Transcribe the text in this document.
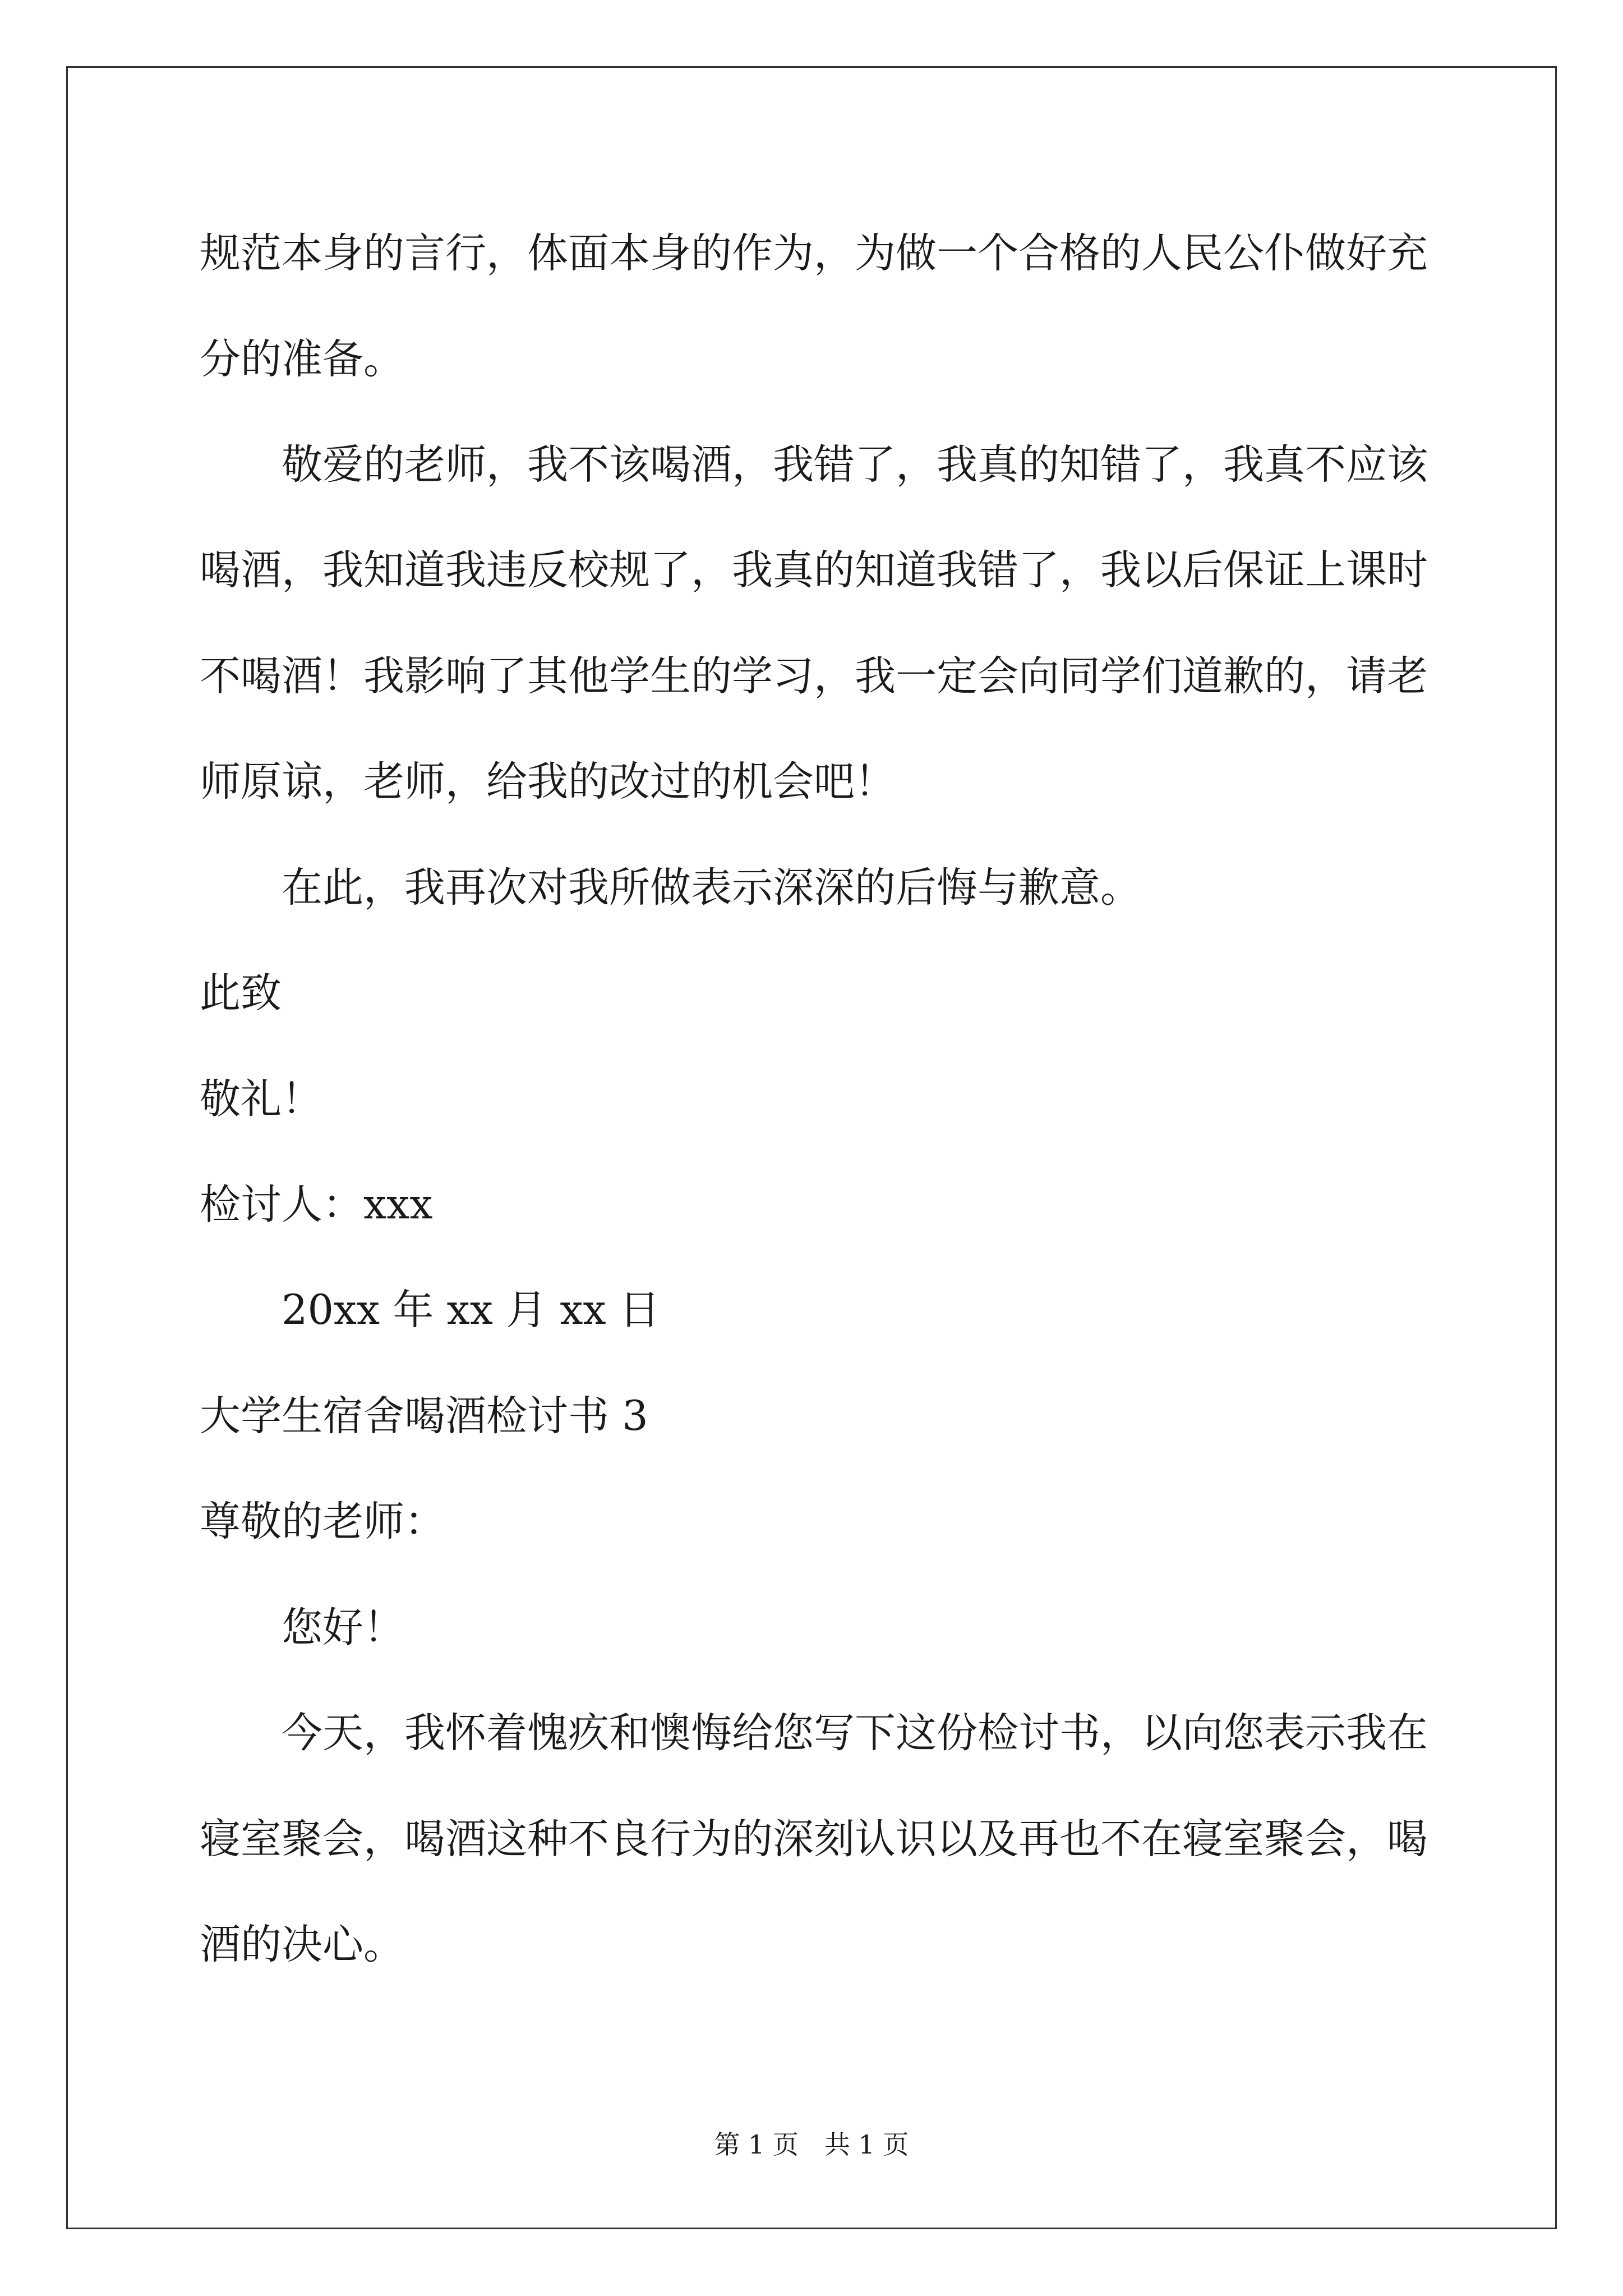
规范本身的言行，体面本身的作为，为做一个合格的人民公仆做好充
分的准备。
　　敬爱的老师，我不该喝酒，我错了，我真的知错了，我真不应该
喝酒，我知道我违反校规了，我真的知道我错了，我以后保证上课时
不喝酒！我影响了其他学生的学习，我一定会向同学们道歉的，请老
师原谅，老师，给我的改过的机会吧！
　　在此，我再次对我所做表示深深的后悔与歉意。
此致
敬礼！
检讨人：xxx
　　20xx 年 xx 月 xx 日
大学生宿舍喝酒检讨书 3
尊敬的老师：
　　您好！
　　今天，我怀着愧疚和懊悔给您写下这份检讨书，以向您表示我在
寝室聚会，喝酒这种不良行为的深刻认识以及再也不在寝室聚会，喝
酒的决心。
第 1 页　共 1 页
